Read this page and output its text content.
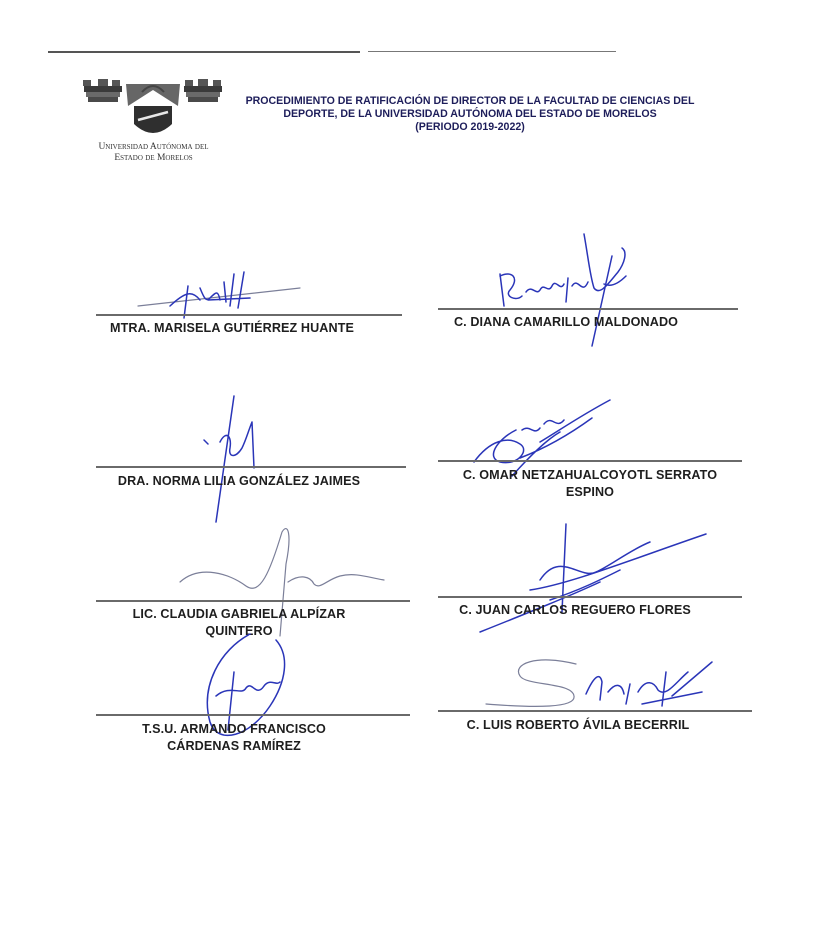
Universidad Autónoma del
Estado de Morelos
PROCEDIMIENTO DE RATIFICACIÓN DE DIRECTOR DE LA FACULTAD DE CIENCIAS DEL
DEPORTE, DE LA UNIVERSIDAD AUTÓNOMA DEL ESTADO DE MORELOS
(PERIODO 2019-2022)
MTRA. MARISELA GUTIÉRREZ HUANTE	C. DIANA CAMARILLO MALDONADO
DRA. NORMA LILIA GONZÁLEZ JAIMES	C. OMAR NETZAHUALCOYOTL SERRATO
ESPINO
LIC. CLAUDIA GABRIELA ALPÍZAR
QUINTERO
C. JUAN CARLOS REGUERO FLORES
T.S.U. ARMANDO FRANCISCO
CÁRDENAS RAMÍREZ
C. LUIS ROBERTO ÁVILA BECERRIL
